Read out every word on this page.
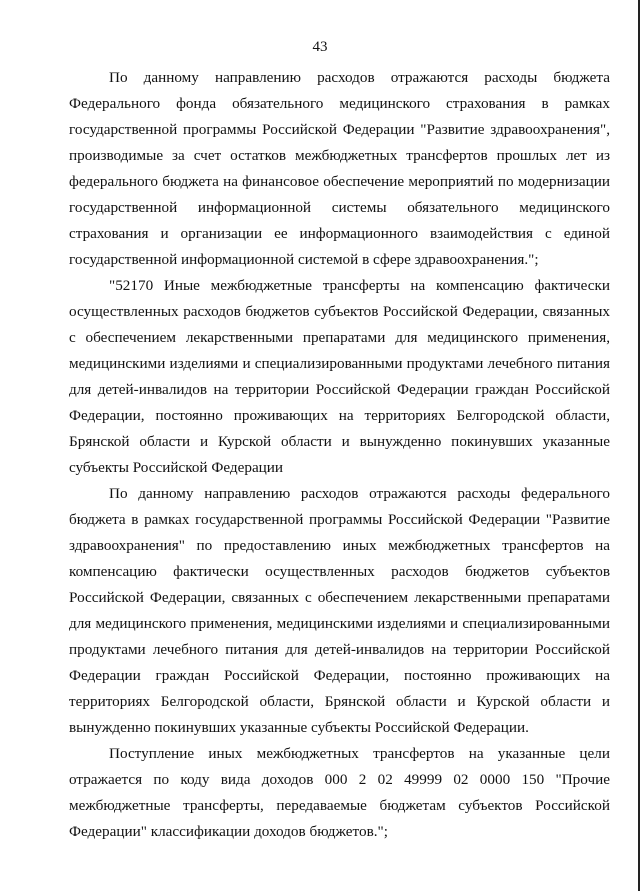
43

По данному направлению расходов отражаются расходы бюджета Федерального фонда обязательного медицинского страхования в рамках государственной программы Российской Федерации "Развитие здравоохранения", производимые за счет остатков межбюджетных трансфертов прошлых лет из федерального бюджета на финансовое обеспечение мероприятий по модернизации государственной информационной системы обязательного медицинского страхования и организации ее информационного взаимодействия с единой государственной информационной системой в сфере здравоохранения.";

"52170 Иные межбюджетные трансферты на компенсацию фактически осуществленных расходов бюджетов субъектов Российской Федерации, связанных с обеспечением лекарственными препаратами для медицинского применения, медицинскими изделиями и специализированными продуктами лечебного питания для детей-инвалидов на территории Российской Федерации граждан Российской Федерации, постоянно проживающих на территориях Белгородской области, Брянской области и Курской области и вынужденно покинувших указанные субъекты Российской Федерации

По данному направлению расходов отражаются расходы федерального бюджета в рамках государственной программы Российской Федерации "Развитие здравоохранения" по предоставлению иных межбюджетных трансфертов на компенсацию фактически осуществленных расходов бюджетов субъектов Российской Федерации, связанных с обеспечением лекарственными препаратами для медицинского применения, медицинскими изделиями и специализированными продуктами лечебного питания для детей-инвалидов на территории Российской Федерации граждан Российской Федерации, постоянно проживающих на территориях Белгородской области, Брянской области и Курской области и вынужденно покинувших указанные субъекты Российской Федерации.

Поступление иных межбюджетных трансфертов на указанные цели отражается по коду вида доходов 000 2 02 49999 02 0000 150 "Прочие межбюджетные трансферты, передаваемые бюджетам субъектов Российской Федерации" классификации доходов бюджетов.";
